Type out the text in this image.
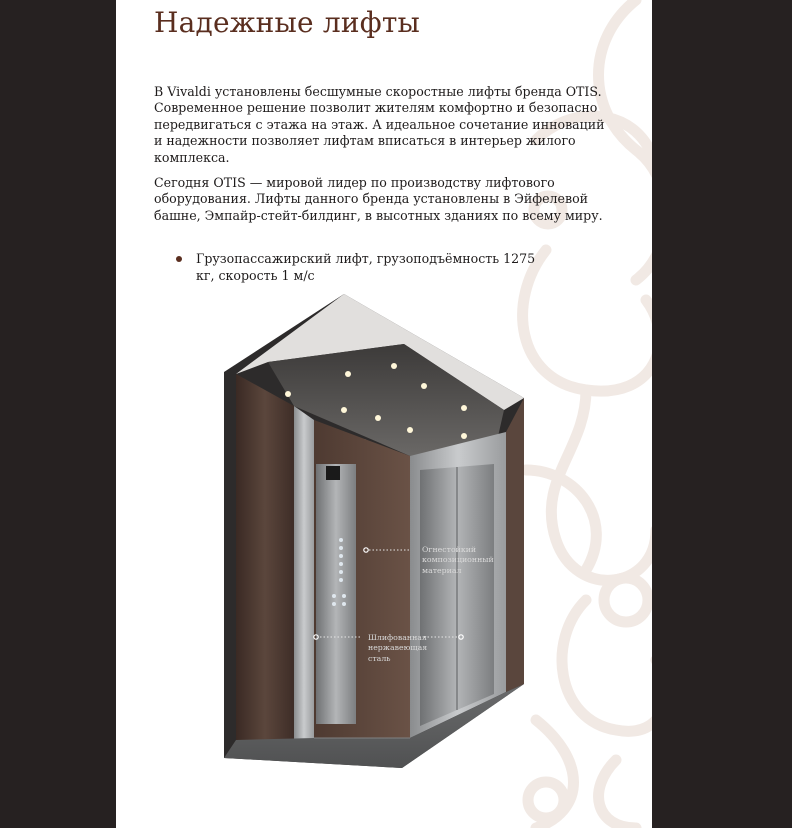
Надежные лифты

В Vivaldi установлены бесшумные скоростные лифты бренда OTIS. Современное решение позволит жителям комфортно и безопасно передвигаться с этажа на этаж. А идеальное сочетание инноваций и надежности позволяет лифтам вписаться в интерьер жилого комплекса.

Сегодня OTIS — мировой лидер по производству лифтового оборудования. Лифты данного бренда установлены в Эйфелевой башне, Эмпайр-стейт-билдинг, в высотных зданиях по всему миру.

Грузопассажирский лифт, грузоподъёмность 1275 кг, скорость 1 м/с
Огнестойкий
композиционный
материал
Шлифованная
нержавеющая
сталь
